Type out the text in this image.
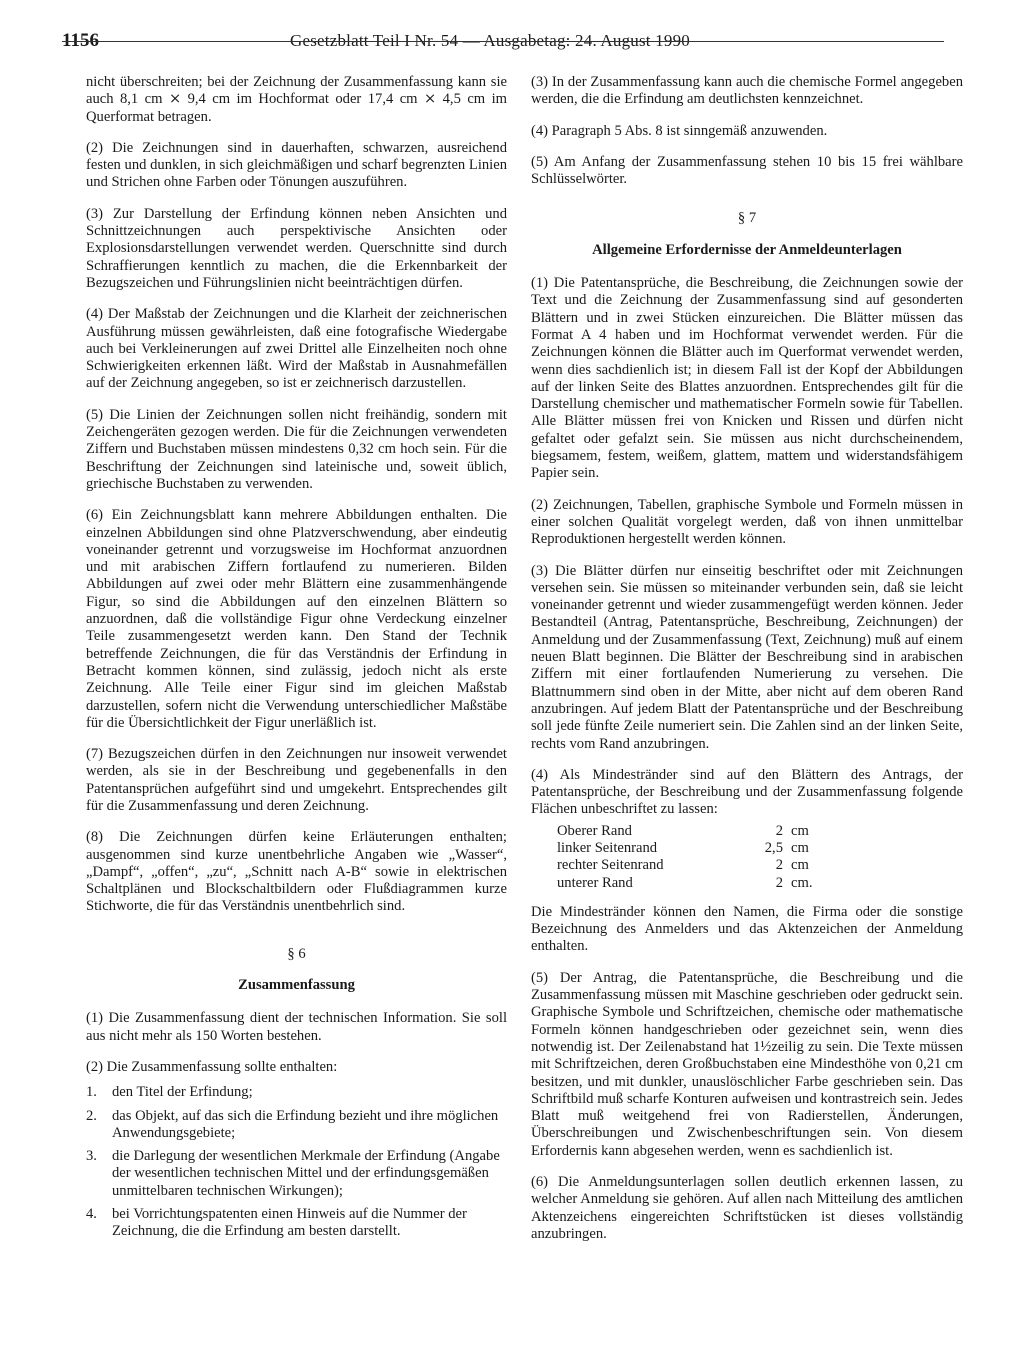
1156	Gesetzblatt Teil I Nr. 54 — Ausgabetag: 24. August 1990

nicht überschreiten; bei der Zeichnung der Zusammenfassung kann sie auch 8,1 cm ⨯ 9,4 cm im Hochformat oder 17,4 cm ⨯ 4,5 cm im Querformat betragen.

(2) Die Zeichnungen sind in dauerhaften, schwarzen, ausreichend festen und dunklen, in sich gleichmäßigen und scharf begrenzten Linien und Strichen ohne Farben oder Tönungen auszuführen.

(3) Zur Darstellung der Erfindung können neben Ansichten und Schnittzeichnungen auch perspektivische Ansichten oder Explosionsdarstellungen verwendet werden. Querschnitte sind durch Schraffierungen kenntlich zu machen, die die Erkennbarkeit der Bezugszeichen und Führungslinien nicht beeinträchtigen dürfen.

(4) Der Maßstab der Zeichnungen und die Klarheit der zeichnerischen Ausführung müssen gewährleisten, daß eine fotografische Wiedergabe auch bei Verkleinerungen auf zwei Drittel alle Einzelheiten noch ohne Schwierigkeiten erkennen läßt. Wird der Maßstab in Ausnahmefällen auf der Zeichnung angegeben, so ist er zeichnerisch darzustellen.

(5) Die Linien der Zeichnungen sollen nicht freihändig, sondern mit Zeichengeräten gezogen werden. Die für die Zeichnungen verwendeten Ziffern und Buchstaben müssen mindestens 0,32 cm hoch sein. Für die Beschriftung der Zeichnungen sind lateinische und, soweit üblich, griechische Buchstaben zu verwenden.

(6) Ein Zeichnungsblatt kann mehrere Abbildungen enthalten. Die einzelnen Abbildungen sind ohne Platzverschwendung, aber eindeutig voneinander getrennt und vorzugsweise im Hochformat anzuordnen und mit arabischen Ziffern fortlaufend zu numerieren. Bilden Abbildungen auf zwei oder mehr Blättern eine zusammenhängende Figur, so sind die Abbildungen auf den einzelnen Blättern so anzuordnen, daß die vollständige Figur ohne Verdeckung einzelner Teile zusammengesetzt werden kann. Den Stand der Technik betreffende Zeichnungen, die für das Verständnis der Erfindung in Betracht kommen können, sind zulässig, jedoch nicht als erste Zeichnung. Alle Teile einer Figur sind im gleichen Maßstab darzustellen, sofern nicht die Verwendung unterschiedlicher Maßstäbe für die Übersichtlichkeit der Figur unerläßlich ist.

(7) Bezugszeichen dürfen in den Zeichnungen nur insoweit verwendet werden, als sie in der Beschreibung und gegebenenfalls in den Patentansprüchen aufgeführt sind und umgekehrt. Entsprechendes gilt für die Zusammenfassung und deren Zeichnung.

(8) Die Zeichnungen dürfen keine Erläuterungen enthalten; ausgenommen sind kurze unentbehrliche Angaben wie „Wasser“, „Dampf“, „offen“, „zu“, „Schnitt nach A-B“ sowie in elektrischen Schaltplänen und Blockschaltbildern oder Flußdiagrammen kurze Stichworte, die für das Verständnis unentbehrlich sind.

§ 6
Zusammenfassung

(1) Die Zusammenfassung dient der technischen Information. Sie soll aus nicht mehr als 150 Worten bestehen.

(2) Die Zusammenfassung sollte enthalten:

1.	den Titel der Erfindung;
2.	das Objekt, auf das sich die Erfindung bezieht und ihre möglichen Anwendungsgebiete;
3.	die Darlegung der wesentlichen Merkmale der Erfindung (Angabe der wesentlichen technischen Mittel und der erfindungsgemäßen unmittelbaren technischen Wirkungen);
4.	bei Vorrichtungspatenten einen Hinweis auf die Nummer der Zeichnung, die die Erfindung am besten darstellt.

(3) In der Zusammenfassung kann auch die chemische Formel angegeben werden, die die Erfindung am deutlichsten kennzeichnet.

(4) Paragraph 5 Abs. 8 ist sinngemäß anzuwenden.

(5) Am Anfang der Zusammenfassung stehen 10 bis 15 frei wählbare Schlüsselwörter.

§ 7
Allgemeine Erfordernisse der Anmeldeunterlagen

(1) Die Patentansprüche, die Beschreibung, die Zeichnungen sowie der Text und die Zeichnung der Zusammenfassung sind auf gesonderten Blättern und in zwei Stücken einzureichen. Die Blätter müssen das Format A 4 haben und im Hochformat verwendet werden. Für die Zeichnungen können die Blätter auch im Querformat verwendet werden, wenn dies sachdienlich ist; in diesem Fall ist der Kopf der Abbildungen auf der linken Seite des Blattes anzuordnen. Entsprechendes gilt für die Darstellung chemischer und mathematischer Formeln sowie für Tabellen. Alle Blätter müssen frei von Knicken und Rissen und dürfen nicht gefaltet oder gefalzt sein. Sie müssen aus nicht durchscheinendem, biegsamem, festem, weißem, glattem, mattem und widerstandsfähigem Papier sein.

(2) Zeichnungen, Tabellen, graphische Symbole und Formeln müssen in einer solchen Qualität vorgelegt werden, daß von ihnen unmittelbar Reproduktionen hergestellt werden können.

(3) Die Blätter dürfen nur einseitig beschriftet oder mit Zeichnungen versehen sein. Sie müssen so miteinander verbunden sein, daß sie leicht voneinander getrennt und wieder zusammengefügt werden können. Jeder Bestandteil (Antrag, Patentansprüche, Beschreibung, Zeichnungen) der Anmeldung und der Zusammenfassung (Text, Zeichnung) muß auf einem neuen Blatt beginnen. Die Blätter der Beschreibung sind in arabischen Ziffern mit einer fortlaufenden Numerierung zu versehen. Die Blattnummern sind oben in der Mitte, aber nicht auf dem oberen Rand anzubringen. Auf jedem Blatt der Patentansprüche und der Beschreibung soll jede fünfte Zeile numeriert sein. Die Zahlen sind an der linken Seite, rechts vom Rand anzubringen.

(4) Als Mindestränder sind auf den Blättern des Antrags, der Patentansprüche, der Beschreibung und der Zusammenfassung folgende Flächen unbeschriftet zu lassen:

Oberer Rand	2	cm
linker Seitenrand	2,5	cm
rechter Seitenrand	2	cm
unterer Rand	2	cm.

Die Mindestränder können den Namen, die Firma oder die sonstige Bezeichnung des Anmelders und das Aktenzeichen der Anmeldung enthalten.

(5) Der Antrag, die Patentansprüche, die Beschreibung und die Zusammenfassung müssen mit Maschine geschrieben oder gedruckt sein. Graphische Symbole und Schriftzeichen, chemische oder mathematische Formeln können handgeschrieben oder gezeichnet sein, wenn dies notwendig ist. Der Zeilenabstand hat 1½zeilig zu sein. Die Texte müssen mit Schriftzeichen, deren Großbuchstaben eine Mindesthöhe von 0,21 cm besitzen, und mit dunkler, unauslöschlicher Farbe geschrieben sein. Das Schriftbild muß scharfe Konturen aufweisen und kontrastreich sein. Jedes Blatt muß weitgehend frei von Radierstellen, Änderungen, Überschreibungen und Zwischenbeschriftungen sein. Von diesem Erfordernis kann abgesehen werden, wenn es sachdienlich ist.

(6) Die Anmeldungsunterlagen sollen deutlich erkennen lassen, zu welcher Anmeldung sie gehören. Auf allen nach Mitteilung des amtlichen Aktenzeichens eingereichten Schriftstücken ist dieses vollständig anzubringen.
